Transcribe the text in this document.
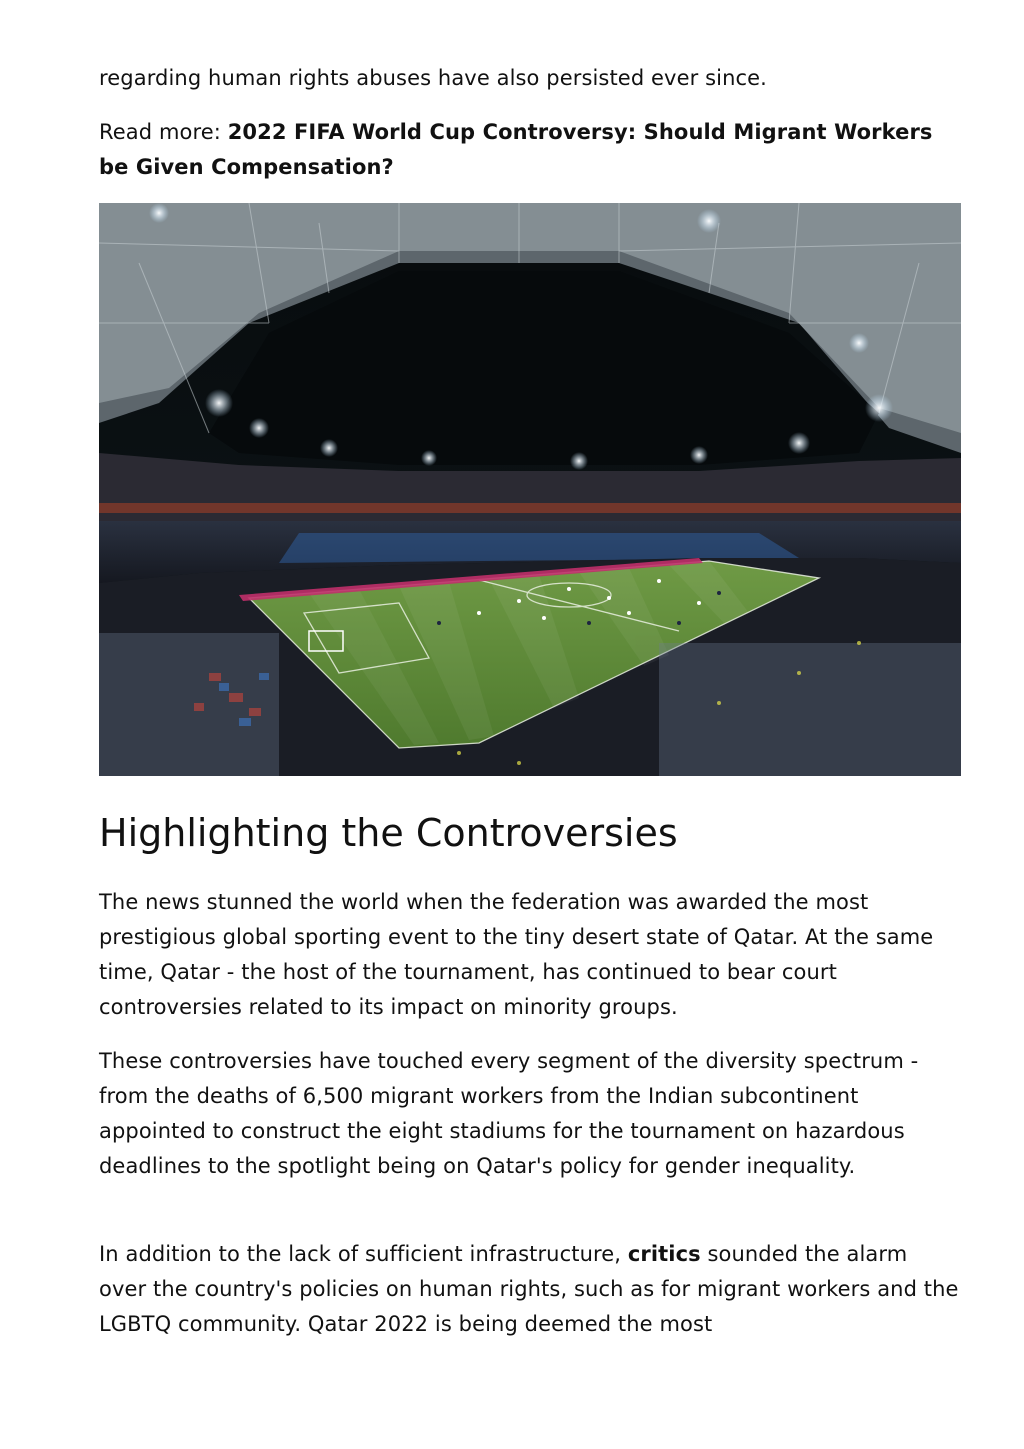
regarding human rights abuses have also persisted ever since.

Read more: 2022 FIFA World Cup Controversy: Should Migrant Workers be Given Compensation?

Highlighting the Controversies

The news stunned the world when the federation was awarded the most prestigious global sporting event to the tiny desert state of Qatar. At the same time, Qatar - the host of the tournament, has continued to bear court controversies related to its impact on minority groups.

These controversies have touched every segment of the diversity spectrum - from the deaths of 6,500 migrant workers from the Indian subcontinent appointed to construct the eight stadiums for the tournament on hazardous deadlines to the spotlight being on Qatar's policy for gender inequality.

In addition to the lack of sufficient infrastructure, critics sounded the alarm over the country's policies on human rights, such as for migrant workers and the LGBTQ community. Qatar 2022 is being deemed the most
